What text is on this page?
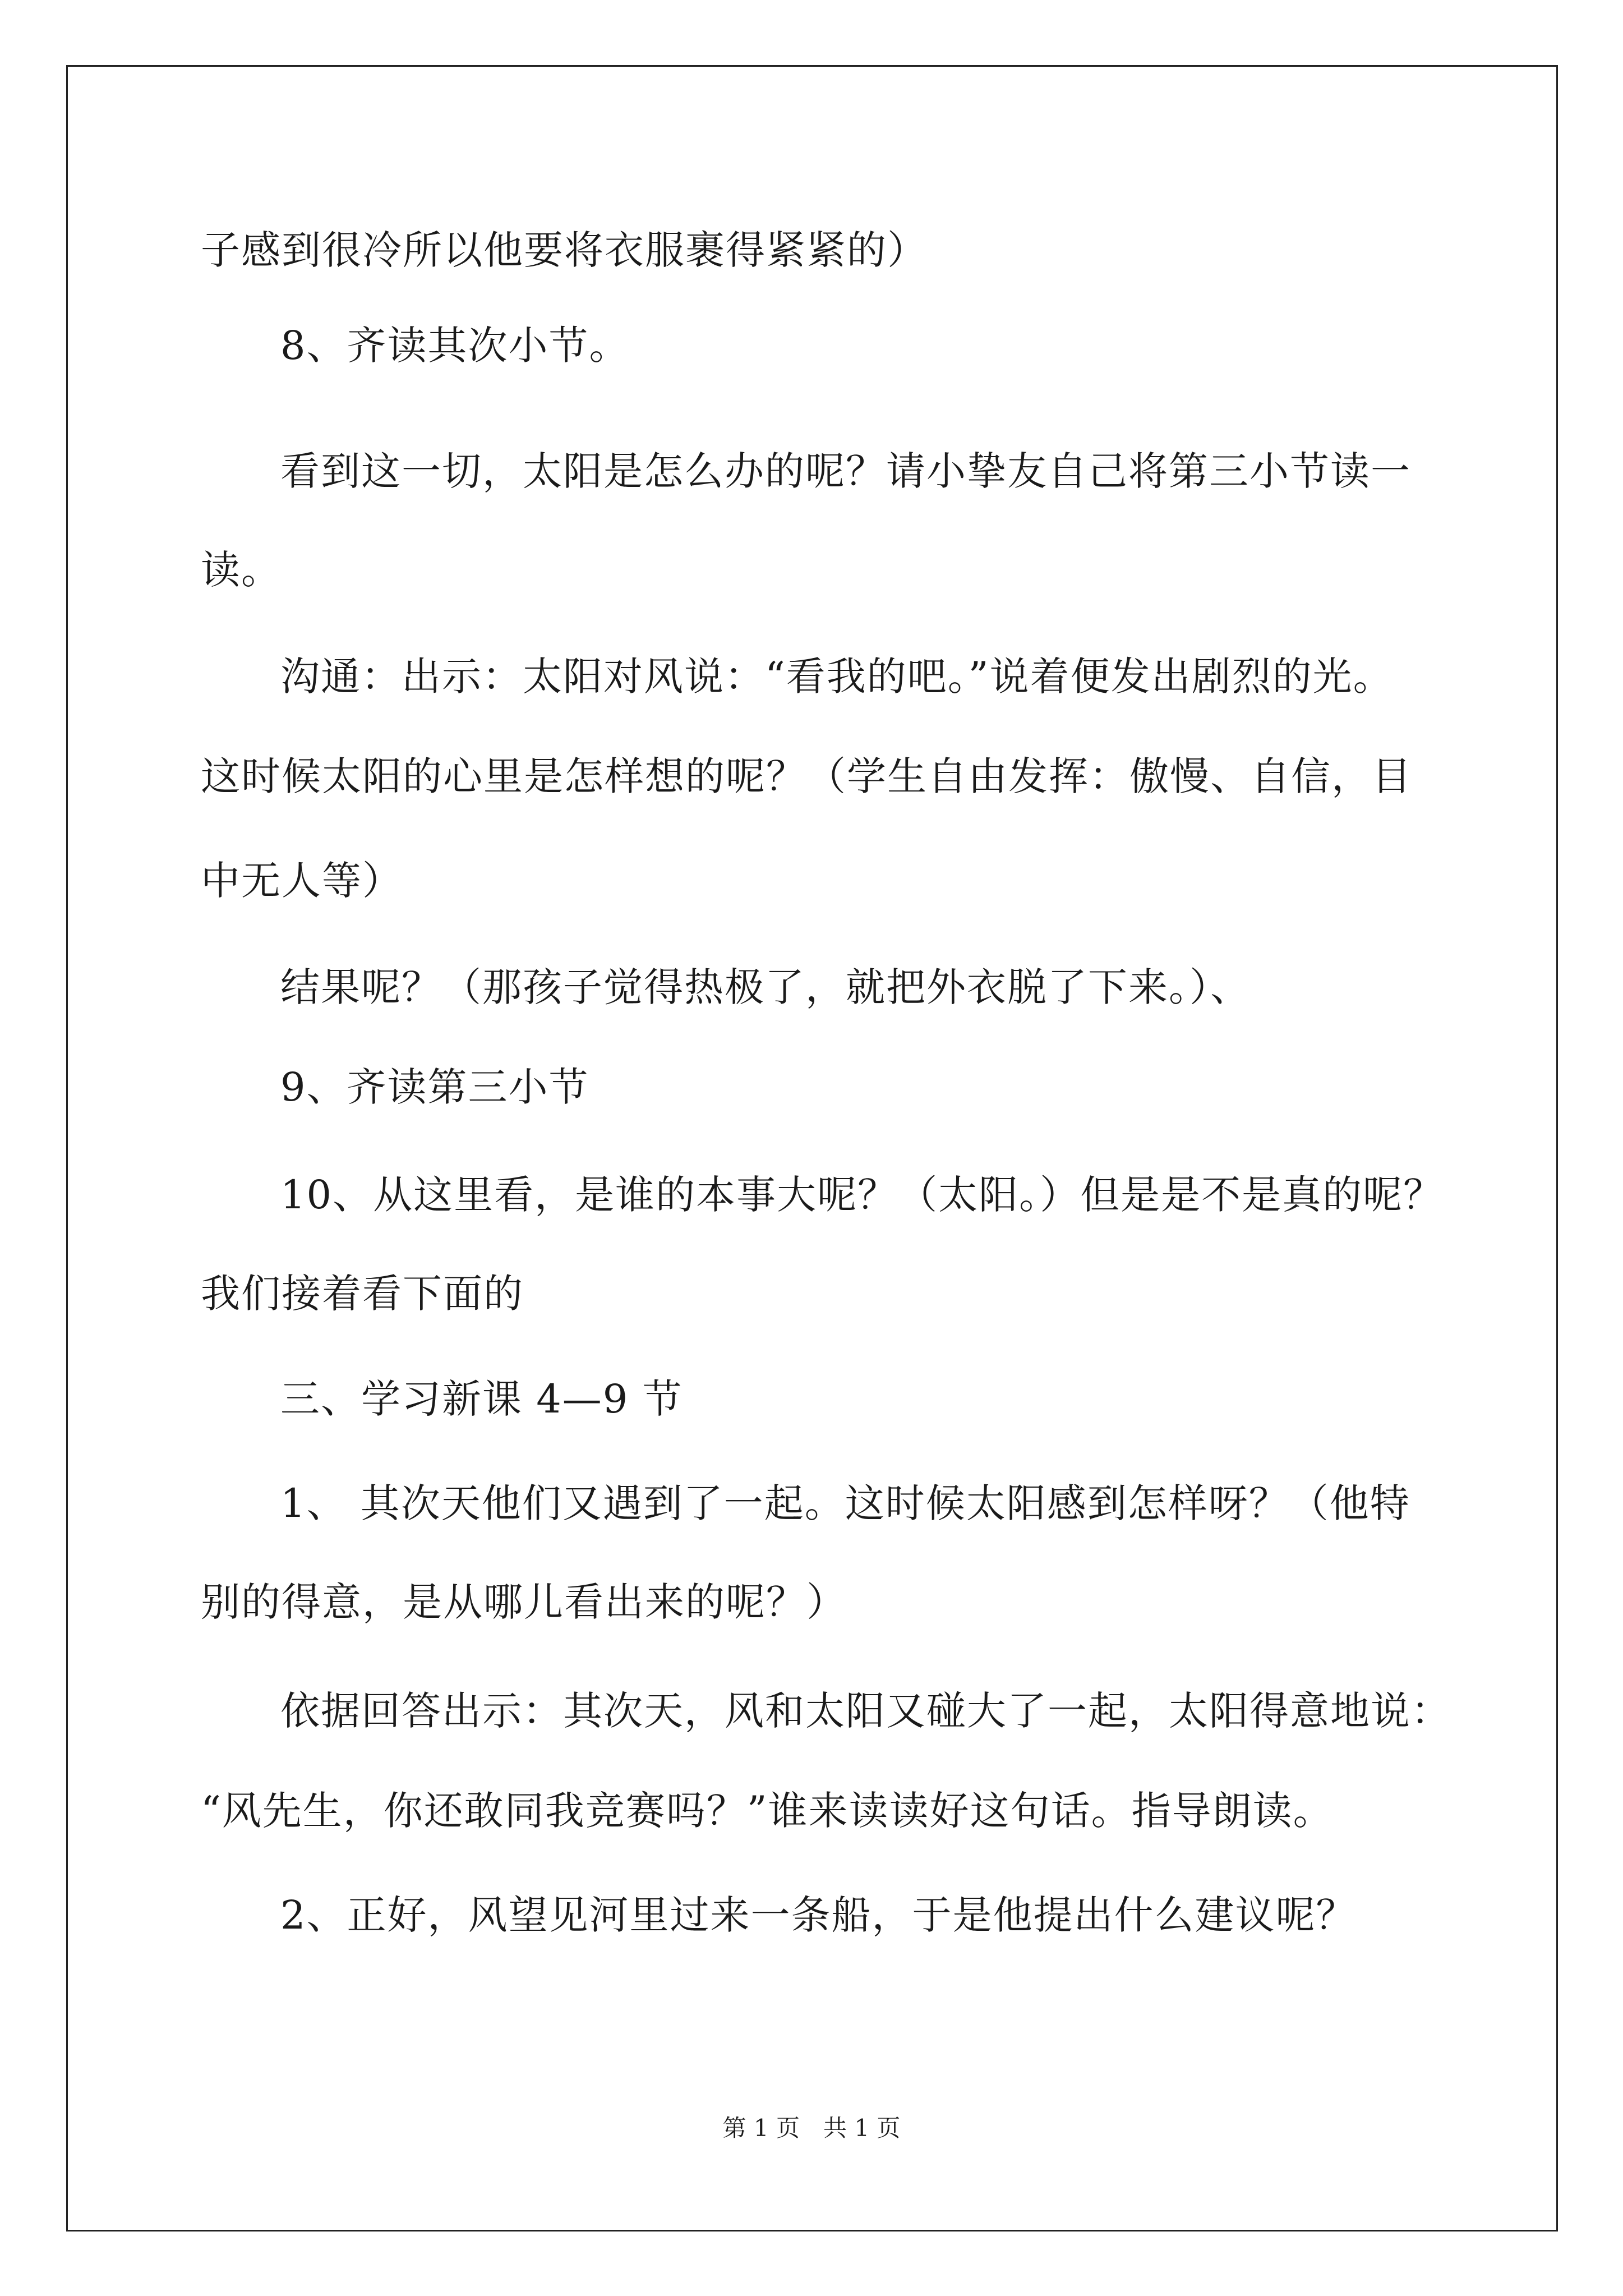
子感到很冷所以他要将衣服裹得紧紧的）
8、齐读其次小节。
看到这一切，太阳是怎么办的呢？请小挚友自己将第三小节读一
读。
沟通：出示：太阳对风说：“看我的吧。”说着便发出剧烈的光。
这时候太阳的心里是怎样想的呢？（学生自由发挥：傲慢、自信，目
中无人等）
结果呢？（那孩子觉得热极了，就把外衣脱了下来。）、
9、齐读第三小节
10、从这里看，是谁的本事大呢？（太阳。）但是是不是真的呢？
我们接着看下面的
三、学习新课 4—9 节
1、 其次天他们又遇到了一起。这时候太阳感到怎样呀？（他特
别的得意，是从哪儿看出来的呢？）
依据回答出示：其次天，风和太阳又碰大了一起，太阳得意地说：
“风先生，你还敢同我竞赛吗？”谁来读读好这句话。指导朗读。
2、正好，风望见河里过来一条船，于是他提出什么建议呢？
第 1 页　共 1 页
